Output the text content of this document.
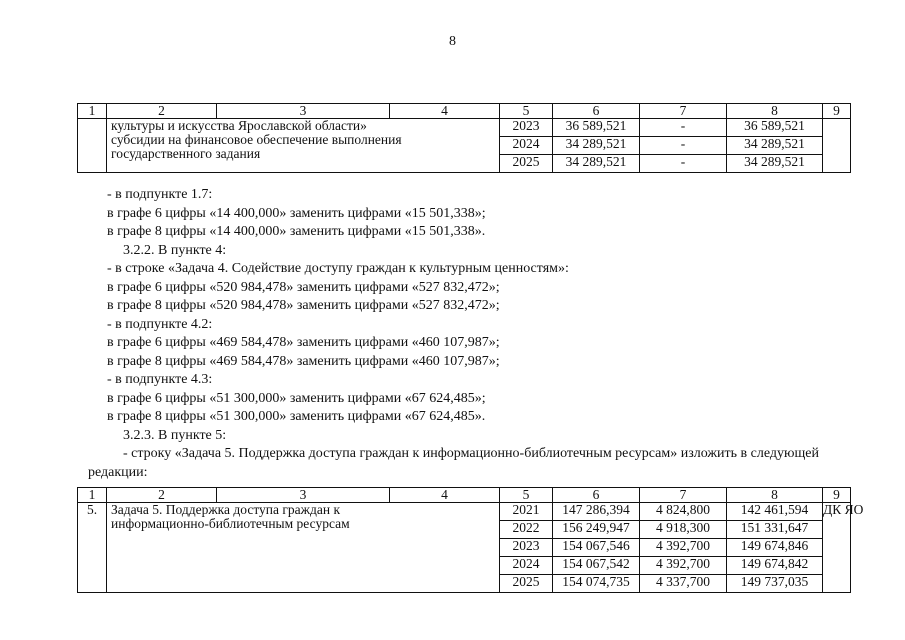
8
1	2	3	4	5	6	7	8	9

	культуры и искусства Ярославской области»
субсидии на финансовое обеспечение выполнения
государственного задания			2023	36 589,521	-	36 589,521	
				2024	34 289,521	-	34 289,521	
				2025	34 289,521	-	34 289,521	

- в подпункте 1.7:

в графе 6 цифры «14 400,000» заменить цифрами «15 501,338»;

в графе 8 цифры «14 400,000» заменить цифрами «15 501,338».

3.2.2. В пункте 4:

- в строке «Задача 4. Содействие доступу граждан к культурным ценностям»:

в графе 6 цифры «520 984,478» заменить цифрами «527 832,472»;

в графе 8 цифры «520 984,478» заменить цифрами «527 832,472»;

- в подпункте 4.2:

в графе 6 цифры «469 584,478» заменить цифрами «460 107,987»;

в графе 8 цифры «469 584,478» заменить цифрами «460 107,987»;

- в подпункте 4.3:

в графе 6 цифры «51 300,000» заменить цифрами «67 624,485»;

в графе 8 цифры «51 300,000» заменить цифрами «67 624,485».

3.2.3. В пункте 5:

- строку «Задача 5. Поддержка доступа граждан к информационно-библиотечным ресурсам» изложить в следующей

редакции:

1	2	3	4	5	6	7	8	9
5.	Задача 5. Поддержка доступа граждан к
информационно-библиотечным ресурсам			2021	147 286,394	4 824,800	142 461,594	ДК ЯО
				2022	156 249,947	4 918,300	151 331,647	
				2023	154 067,546	4 392,700	149 674,846	
				2024	154 067,542	4 392,700	149 674,842	
				2025	154 074,735	4 337,700	149 737,035	
